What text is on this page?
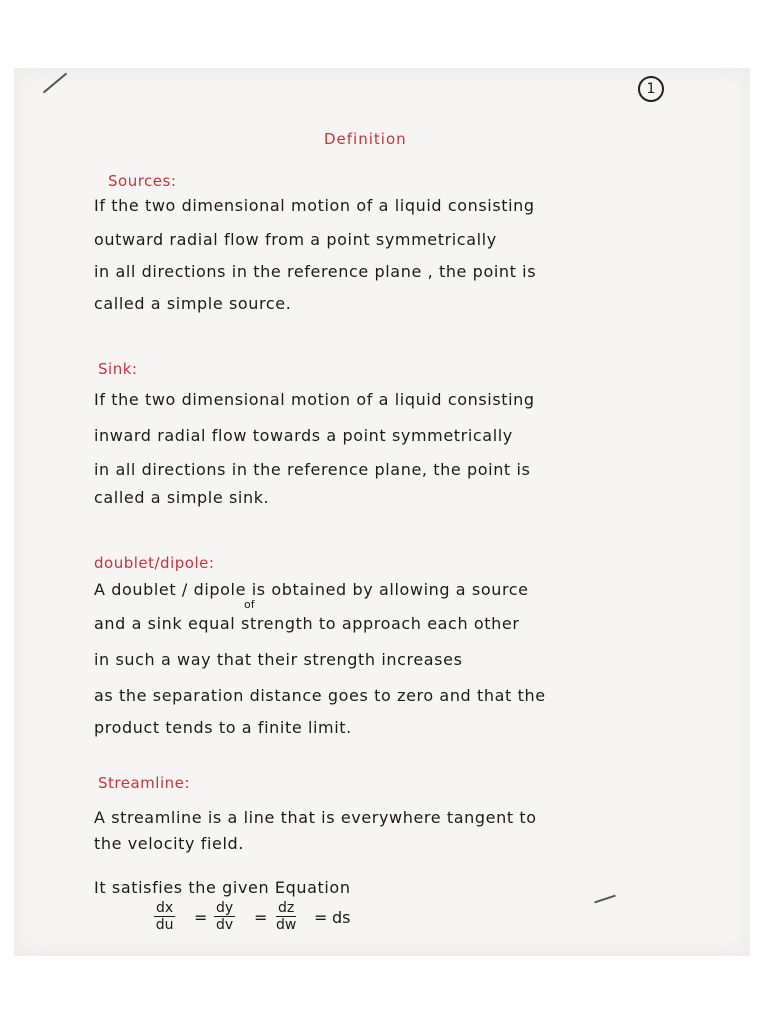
1
Definition
Sources:
If the two dimensional motion of a liquid consisting
outward radial flow from a point symmetrically
in all directions in the reference plane , the point is
called a simple source.
Sink:
If the two dimensional motion of a liquid consisting
inward radial flow towards a point symmetrically
in all directions in the reference plane, the point is
called a simple sink.
doublet/dipole:
A doublet / dipole is obtained by allowing a source
of
and a sink equal strength to approach each other
in such a way that their strength increases
as the separation distance goes to zero and that the
product tends to a finite limit.
Streamline:
A streamline is a line that is everywhere tangent to
the velocity field.
It satisfies the given Equation
$\frac{dx}{du} = \frac{dy}{dv} = \frac{dz}{dw}$ = ds
